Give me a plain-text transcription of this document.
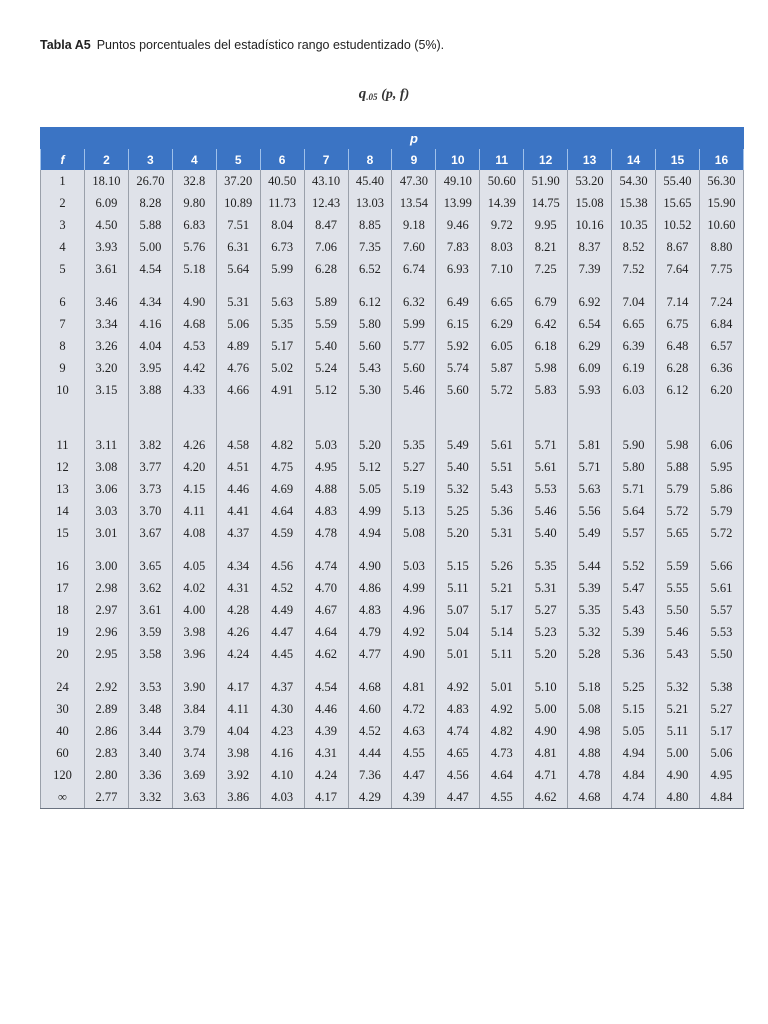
Tabla A5 Puntos porcentuales del estadístico rango estudentizado (5%).
$q_{.05}$ (p, f)
	p														
f	2	3	4	5	6	7	8	9	10	11	12	13	14	15	16
1	18.10	26.70	32.8	37.20	40.50	43.10	45.40	47.30	49.10	50.60	51.90	53.20	54.30	55.40	56.30
2	6.09	8.28	9.80	10.89	11.73	12.43	13.03	13.54	13.99	14.39	14.75	15.08	15.38	15.65	15.90
3	4.50	5.88	6.83	7.51	8.04	8.47	8.85	9.18	9.46	9.72	9.95	10.16	10.35	10.52	10.60
4	3.93	5.00	5.76	6.31	6.73	7.06	7.35	7.60	7.83	8.03	8.21	8.37	8.52	8.67	8.80
5	3.61	4.54	5.18	5.64	5.99	6.28	6.52	6.74	6.93	7.10	7.25	7.39	7.52	7.64	7.75

6	3.46	4.34	4.90	5.31	5.63	5.89	6.12	6.32	6.49	6.65	6.79	6.92	7.04	7.14	7.24
7	3.34	4.16	4.68	5.06	5.35	5.59	5.80	5.99	6.15	6.29	6.42	6.54	6.65	6.75	6.84
8	3.26	4.04	4.53	4.89	5.17	5.40	5.60	5.77	5.92	6.05	6.18	6.29	6.39	6.48	6.57
9	3.20	3.95	4.42	4.76	5.02	5.24	5.43	5.60	5.74	5.87	5.98	6.09	6.19	6.28	6.36
10	3.15	3.88	4.33	4.66	4.91	5.12	5.30	5.46	5.60	5.72	5.83	5.93	6.03	6.12	6.20

11	3.11	3.82	4.26	4.58	4.82	5.03	5.20	5.35	5.49	5.61	5.71	5.81	5.90	5.98	6.06
12	3.08	3.77	4.20	4.51	4.75	4.95	5.12	5.27	5.40	5.51	5.61	5.71	5.80	5.88	5.95
13	3.06	3.73	4.15	4.46	4.69	4.88	5.05	5.19	5.32	5.43	5.53	5.63	5.71	5.79	5.86
14	3.03	3.70	4.11	4.41	4.64	4.83	4.99	5.13	5.25	5.36	5.46	5.56	5.64	5.72	5.79
15	3.01	3.67	4.08	4.37	4.59	4.78	4.94	5.08	5.20	5.31	5.40	5.49	5.57	5.65	5.72

16	3.00	3.65	4.05	4.34	4.56	4.74	4.90	5.03	5.15	5.26	5.35	5.44	5.52	5.59	5.66
17	2.98	3.62	4.02	4.31	4.52	4.70	4.86	4.99	5.11	5.21	5.31	5.39	5.47	5.55	5.61
18	2.97	3.61	4.00	4.28	4.49	4.67	4.83	4.96	5.07	5.17	5.27	5.35	5.43	5.50	5.57
19	2.96	3.59	3.98	4.26	4.47	4.64	4.79	4.92	5.04	5.14	5.23	5.32	5.39	5.46	5.53
20	2.95	3.58	3.96	4.24	4.45	4.62	4.77	4.90	5.01	5.11	5.20	5.28	5.36	5.43	5.50

24	2.92	3.53	3.90	4.17	4.37	4.54	4.68	4.81	4.92	5.01	5.10	5.18	5.25	5.32	5.38
30	2.89	3.48	3.84	4.11	4.30	4.46	4.60	4.72	4.83	4.92	5.00	5.08	5.15	5.21	5.27
40	2.86	3.44	3.79	4.04	4.23	4.39	4.52	4.63	4.74	4.82	4.90	4.98	5.05	5.11	5.17
60	2.83	3.40	3.74	3.98	4.16	4.31	4.44	4.55	4.65	4.73	4.81	4.88	4.94	5.00	5.06
120	2.80	3.36	3.69	3.92	4.10	4.24	7.36	4.47	4.56	4.64	4.71	4.78	4.84	4.90	4.95
∞	2.77	3.32	3.63	3.86	4.03	4.17	4.29	4.39	4.47	4.55	4.62	4.68	4.74	4.80	4.84
